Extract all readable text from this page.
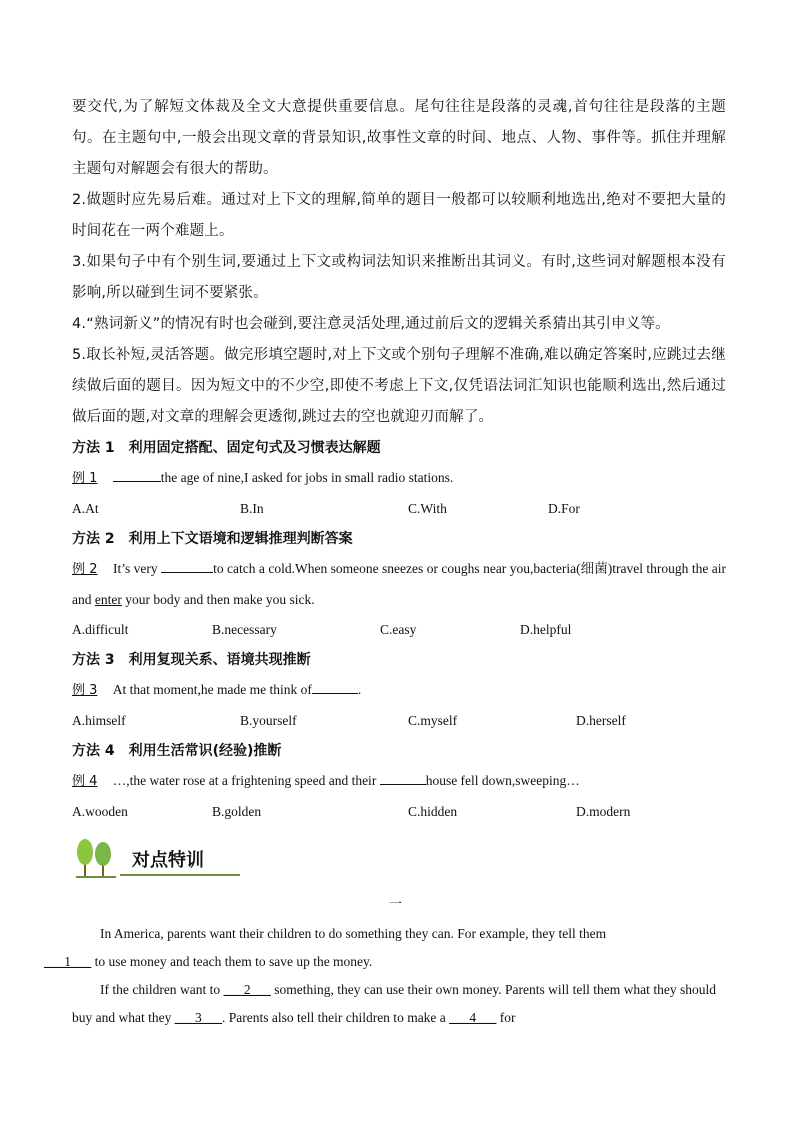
要交代,为了解短文体裁及全文大意提供重要信息。尾句往往是段落的灵魂,首句往往是段落的主题句。在主题句中,一般会出现文章的背景知识,故事性文章的时间、地点、人物、事件等。抓住并理解主题句对解题会有很大的帮助。

2.做题时应先易后难。通过对上下文的理解,简单的题目一般都可以较顺利地选出,绝对不要把大量的时间花在一两个难题上。

3.如果句子中有个别生词,要通过上下文或构词法知识来推断出其词义。有时,这些词对解题根本没有影响,所以碰到生词不要紧张。

4.“熟词新义”的情况有时也会碰到,要注意灵活处理,通过前后文的逻辑关系猜出其引申义等。

5.取长补短,灵活答题。做完形填空题时,对上下文或个别句子理解不准确,难以确定答案时,应跳过去继续做后面的题目。因为短文中的不少空,即使不考虑上下文,仅凭语法词汇知识也能顺利选出,然后通过做后面的题,对文章的理解会更透彻,跳过去的空也就迎刃而解了。

方法 1 利用固定搭配、固定句式及习惯表达解题

例 1	the age of nine,I asked for jobs in small radio stations.

A.At	B.In	C.With	D.For

方法 2 利用上下文语境和逻辑推理判断答案

例 2 It’s very	to catch a cold.When someone sneezes or coughs near you,bacteria(细菌)travel through the air and enter your body and then make you sick.

A.difficult	B.necessary	C.easy	D.helpful

方法 3 利用复现关系、语境共现推断

例 3 At that moment,he made me think of	.

A.himself	B.yourself	C.myself	D.herself

方法 4 利用生活常识(经验)推断

例 4 …,the water rose at a frightening speed and their	house fell down,sweeping…

A.wooden	B.golden	C.hidden	D.modern
对点特训
一

In America, parents want their children to do something they can. For example, they tell them
___1___ to use money and teach them to save up the money.

If the children want to ___2___ something, they can use their own money. Parents will tell them what they should buy and what they ___3___. Parents also tell their children to make a ___4___ for
